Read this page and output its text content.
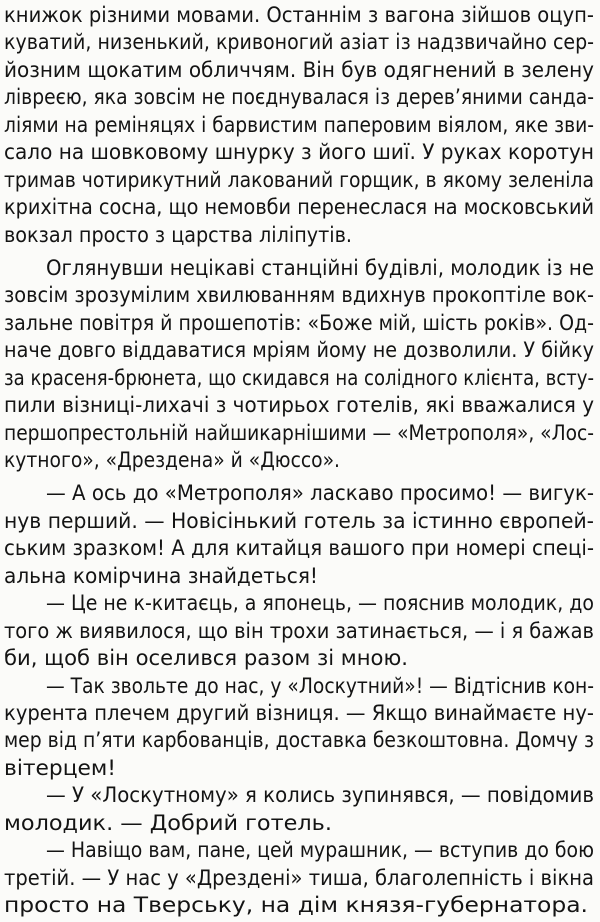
книжок різними мовами. Останнім з вагона зійшов оцуп-
куватий, низенький, кривоногий азіат із надзвичайно сер-
йозним щокатим обличчям. Він був одягнений в зелену
лівреєю, яка зовсім не поєднувалася із дерев’яними санда-
ліями на реміняцях і барвистим паперовим віялом, яке зви-
сало на шовковому шнурку з його шиї. У руках коротун
тримав чотирикутний лакований горщик, в якому зеленіла
крихітна сосна, що немовби перенеслася на московський
вокзал просто з царства ліліпутів.
Оглянувши нецікаві станційні будівлі, молодик із не
зовсім зрозумілим хвилюванням вдихнув прокоптіле вок-
зальне повітря й прошепотів: «Боже мій, шість років». Од-
наче довго віддаватися мріям йому не дозволили. У бійку
за красеня-брюнета, що скидався на солідного клієнта, всту-
пили візниці-лихачі з чотирьох готелів, які вважалися у
першопрестольній найшикарнішими — «Метрополя», «Лос-
кутного», «Дрездена» й «Дюссо».
— А ось до «Метрополя» ласкаво просимо! — вигук-
нув перший. — Новісінький готель за істинно європей-
ським зразком! А для китайця вашого при номері спеці-
альна комірчина знайдеться!
— Це не к-китаєць, а японець, — пояснив молодик, до
того ж виявилося, що він трохи затинається, — і я бажав
би, щоб він оселився разом зі мною.
— Так звольте до нас, у «Лоскутний»! — Відтіснив кон-
курента плечем другий візниця. — Якщо винаймаєте ну-
мер від п’яти карбованців, доставка безкоштовна. Домчу з
вітерцем!
— У «Лоскутному» я колись зупинявся, — повідомив
молодик. — Добрий готель.
— Навіщо вам, пане, цей мурашник, — вступив до бою
третій. — У нас у «Дрездені» тиша, благолепність і вікна
просто на Тверську, на дім князя-губернатора.
